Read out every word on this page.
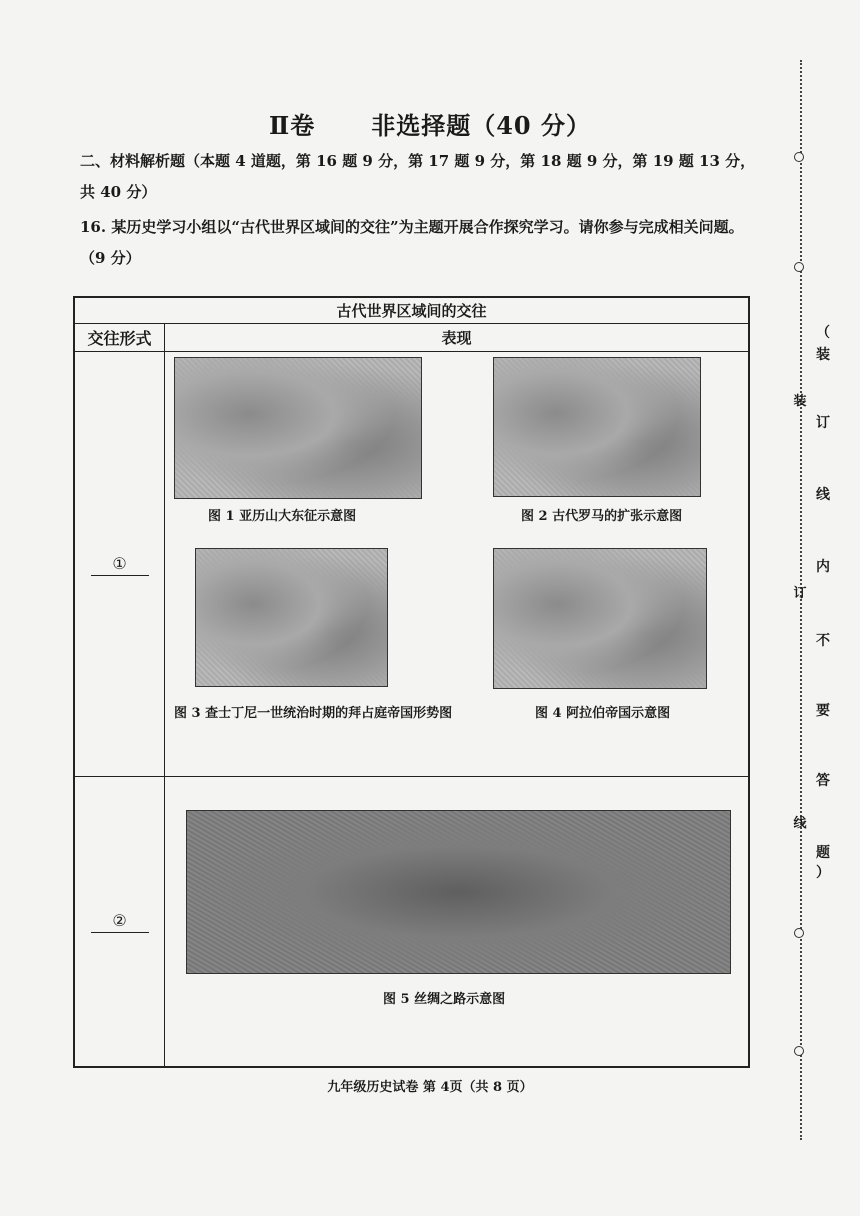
Ⅱ卷 非选择题（40 分）
二、材料解析题（本题 4 道题，第 16 题 9 分，第 17 题 9 分，第 18 题 9 分，第 19 题 13 分，共 40 分）
16. 某历史学习小组以“古代世界区域间的交往”为主题开展合作探究学习。请你参与完成相关问题。（9 分）
古代世界区域间的交往	
交往形式	表现
①	图 1 亚历山大东征示意图 图 2 古代罗马的扩张示意图
图 3 查士丁尼一世统治时期的拜占庭帝国形势图 图 4 阿拉伯帝国示意图

②	图 5 丝绸之路示意图
九年级历史试卷 第 4页（共 8 页）
（
装
订
线
内
不
要
答
题
）
装
订
线
